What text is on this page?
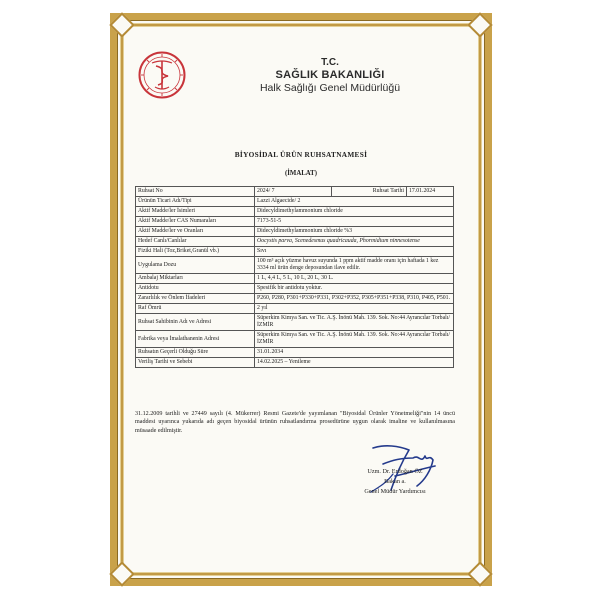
T.C.
SAĞLIK BAKANLIĞI
Halk Sağlığı Genel Müdürlüğü
BİYOSİDAL ÜRÜN RUHSATNAMESİ
(İMALAT)
Ruhsat No	2024/ 7	Ruhsat Tarihi	17.01.2024
Ürünün Ticari Adı/Tipi	Lazzi Algaecide/ 2		
Aktif Madde/ler İsimleri	Didecyldimethylammonium chloride		
Aktif Madde/ler CAS Numaraları	7173-51-5		
Aktif Madde/ler ve Oranları	Didecyldimethylammonium chloride %3		
Hedef Canlı/Canlılar	Oocystis parva, Scenedesmus quadricauda, Phormidium ninnesotense		
Fiziki Hali (Toz,Briket,Granül vb.)	Sıvı		
Uygulama Dozu	100 m³ açık yüzme havuz suyunda 1 ppm aktif madde oranı için haftada 1 kez 3334 ml ürün denge deposundan ilave edilir.		
Ambalaj Miktarları	1 L, 4,4 L, 5 L, 10 L, 20 L, 30 L.		
Antidotu	Spesifik bir antidotu yoktur.		
Zararlılık ve Önlem İfadeleri	P260, P280, P301+P330+P331, P302+P352, P305+P351+P338, P310, P405, P501.		
Raf Ömrü	2 yıl		
Ruhsat Sahibinin Adı ve Adresi	Süperkim Kimya San. ve Tic. A.Ş. İnönü Mah. 139. Sok. No:44 Ayrancılar Torbalı/İZMİR		
Fabrika veya İmalathanenin Adresi	Süperkim Kimya San. ve Tic. A.Ş. İnönü Mah. 139. Sok. No:44 Ayrancılar Torbalı/İZMİR		
Ruhsatın Geçerli Olduğu Süre	31.01.2034		
Veriliş Tarihi ve Sebebi	14.02.2025 – Yenileme		
31.12.2009 tarihli ve 27449 sayılı (4. Mükerrer) Resmi Gazete'de yayımlanan "Biyosidal Ürünler Yönetmeliği"nin 14 üncü maddesi uyarınca yukarıda adı geçen biyosidal ürünün ruhsatlandırma prosedürüne uygun olarak imaline ve kullanılmasına müsaade edilmiştir.
Uzm. Dr. Erdoğan ÖZ
Bakan a.
Genel Müdür Yardımcısı
